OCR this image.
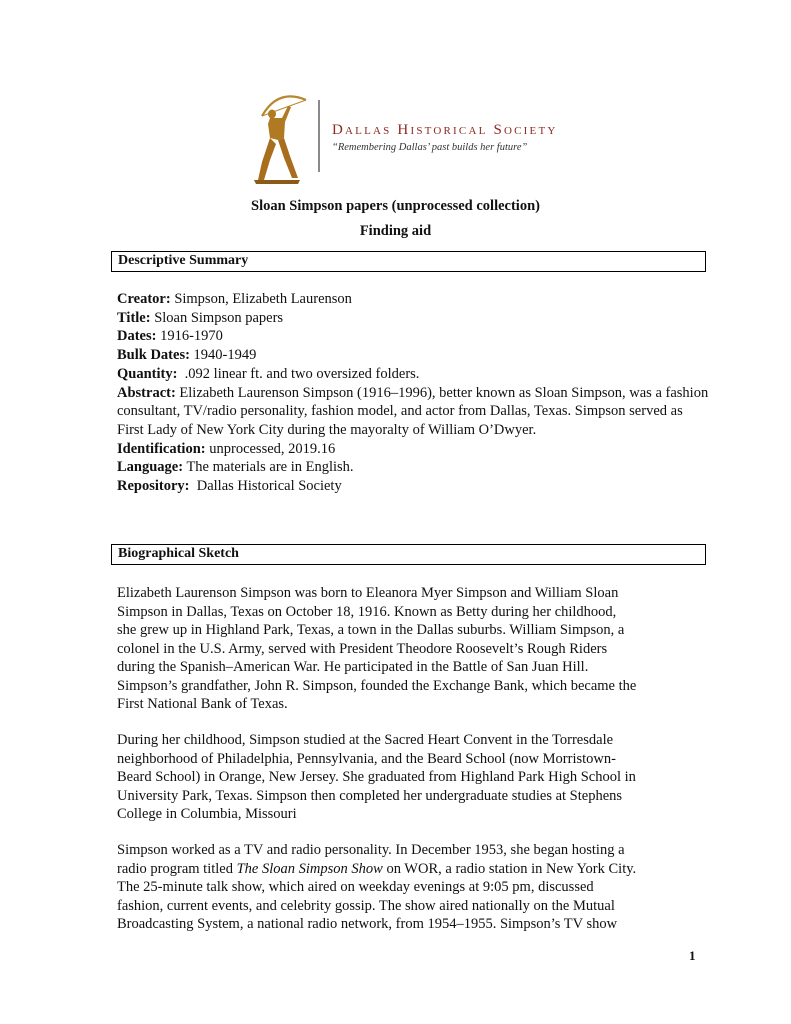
Dallas Historical Society
“Remembering Dallas’ past builds her future”
Sloan Simpson papers (unprocessed collection)
Finding aid
Descriptive Summary
Creator: Simpson, Elizabeth Laurenson
Title: Sloan Simpson papers
Dates: 1916-1970
Bulk Dates: 1940-1949
Quantity:  .092 linear ft. and two oversized folders.
Abstract: Elizabeth Laurenson Simpson (1916–1996), better known as Sloan Simpson, was a fashion consultant, TV/radio personality, fashion model, and actor from Dallas, Texas. Simpson served as First Lady of New York City during the mayoralty of William O’Dwyer.
Identification: unprocessed, 2019.16
Language: The materials are in English.
Repository:  Dallas Historical Society
Biographical Sketch

Elizabeth Laurenson Simpson was born to Eleanora Myer Simpson and William Sloan
Simpson in Dallas, Texas on October 18, 1916. Known as Betty during her childhood,
she grew up in Highland Park, Texas, a town in the Dallas suburbs. William Simpson, a
colonel in the U.S. Army, served with President Theodore Roosevelt’s Rough Riders
during the Spanish–American War. He participated in the Battle of San Juan Hill.
Simpson’s grandfather, John R. Simpson, founded the Exchange Bank, which became the
First National Bank of Texas.

During her childhood, Simpson studied at the Sacred Heart Convent in the Torresdale
neighborhood of Philadelphia, Pennsylvania, and the Beard School (now Morristown-
Beard School) in Orange, New Jersey. She graduated from Highland Park High School in
University Park, Texas. Simpson then completed her undergraduate studies at Stephens
College in Columbia, Missouri

Simpson worked as a TV and radio personality. In December 1953, she began hosting a
radio program titled The Sloan Simpson Show on WOR, a radio station in New York City.
The 25-minute talk show, which aired on weekday evenings at 9:05 pm, discussed
fashion, current events, and celebrity gossip. The show aired nationally on the Mutual
Broadcasting System, a national radio network, from 1954–1955. Simpson’s TV show

1
